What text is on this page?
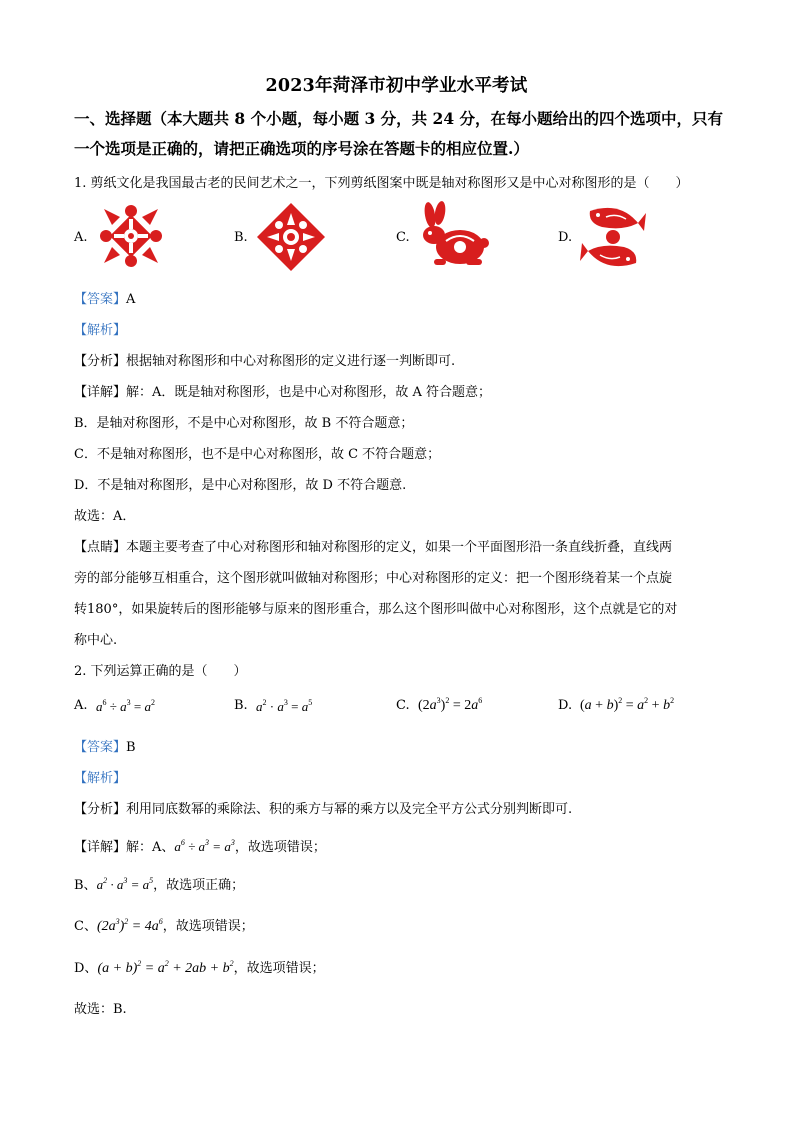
2023年菏泽市初中学业水平考试
一、选择题（本大题共 8 个小题，每小题 3 分，共 24 分，在每小题给出的四个选项中，只有
一个选项是正确的，请把正确选项的序号涂在答题卡的相应位置.）
1. 剪纸文化是我国最古老的民间艺术之一，下列剪纸图案中既是轴对称图形又是中心对称图形的是（　　）
A.	B.	C.	D.
【答案】A
【解析】
【分析】根据轴对称图形和中心对称图形的定义进行逐一判断即可.
【详解】解：A．既是轴对称图形，也是中心对称图形，故 A 符合题意；
B．是轴对称图形，不是中心对称图形，故 B 不符合题意；
C．不是轴对称图形，也不是中心对称图形，故 C 不符合题意；
D．不是轴对称图形，是中心对称图形，故 D 不符合题意.
故选：A．
【点睛】本题主要考查了中心对称图形和轴对称图形的定义，如果一个平面图形沿一条直线折叠，直线两
旁的部分能够互相重合，这个图形就叫做轴对称图形；中心对称图形的定义：把一个图形绕着某一个点旋
转180°，如果旋转后的图形能够与原来的图形重合，那么这个图形叫做中心对称图形，这个点就是它的对
称中心.
2. 下列运算正确的是（　　）
A. $a^6 \div a^3 = a^2$	B. $a^2 \cdot a^3 = a^5$	C. $(2a^3)^2 = 2a^6$	D. $(a + b)^2 = a^2 + b^2$
【答案】B
【解析】
【分析】利用同底数幂的乘除法、积的乘方与幂的乘方以及完全平方公式分别判断即可.
【详解】解：A、$a^6 \div a^3 = a^3$，故选项错误；
B、$a^2 \cdot a^3 = a^5$，故选项正确；
C、$(2a^3)^2 = 4a^6$，故选项错误；
D、$(a + b)^2 = a^2 + 2ab + b^2$，故选项错误；
故选：B.
